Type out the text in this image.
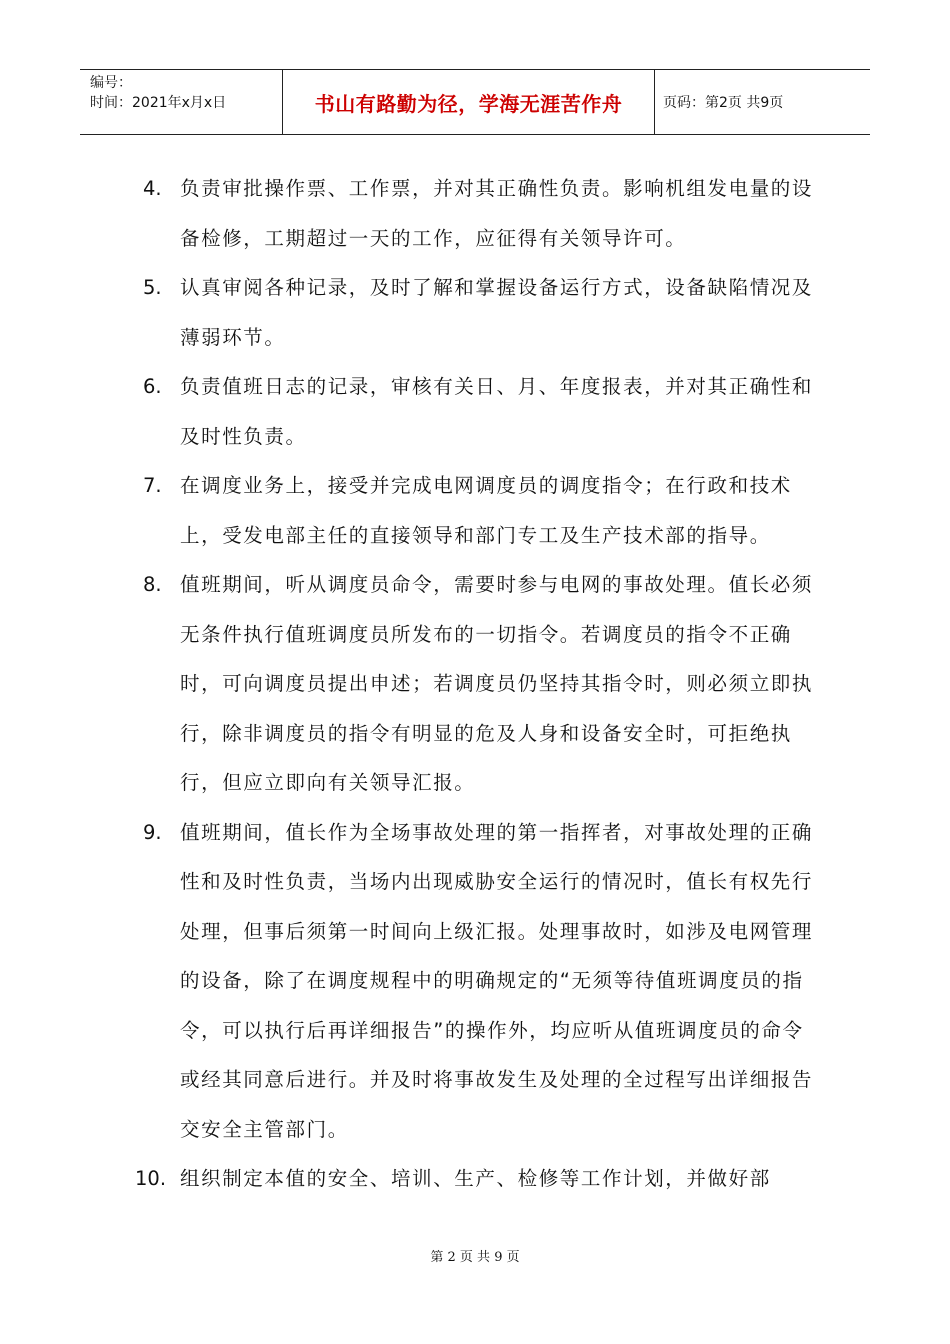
编号：
时间：2021年x月x日	书山有路勤为径，学海无涯苦作舟	页码：第2页 共9页
4. 负责审批操作票、工作票，并对其正确性负责。影响机组发电量的设备检修，工期超过一天的工作，应征得有关领导许可。
5. 认真审阅各种记录，及时了解和掌握设备运行方式，设备缺陷情况及薄弱环节。
6. 负责值班日志的记录，审核有关日、月、年度报表，并对其正确性和及时性负责。
7. 在调度业务上，接受并完成电网调度员的调度指令；在行政和技术上，受发电部主任的直接领导和部门专工及生产技术部的指导。
8. 值班期间，听从调度员命令，需要时参与电网的事故处理。值长必须无条件执行值班调度员所发布的一切指令。若调度员的指令不正确时，可向调度员提出申述；若调度员仍坚持其指令时，则必须立即执行，除非调度员的指令有明显的危及人身和设备安全时，可拒绝执行，但应立即向有关领导汇报。
9. 值班期间，值长作为全场事故处理的第一指挥者，对事故处理的正确性和及时性负责，当场内出现威胁安全运行的情况时，值长有权先行处理，但事后须第一时间向上级汇报。处理事故时，如涉及电网管理的设备，除了在调度规程中的明确规定的“无须等待值班调度员的指令，可以执行后再详细报告”的操作外，均应听从值班调度员的命令或经其同意后进行。并及时将事故发生及处理的全过程写出详细报告交安全主管部门。
10. 组织制定本值的安全、培训、生产、检修等工作计划，并做好部
第 2 页 共 9 页
